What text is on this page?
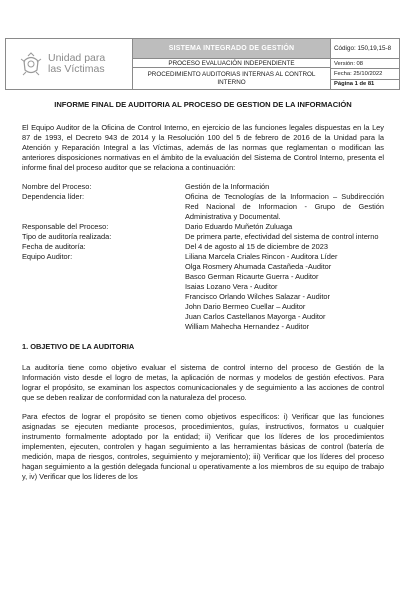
Unidad para
las Víctimas
SISTEMA INTEGRADO DE GESTIÓN
PROCESO EVALUACIÓN INDEPENDIENTE
PROCEDIMIENTO AUDITORIAS INTERNAS AL CONTROL INTERNO
Código: 150,19,15-8
Versión: 08
Fecha: 25/10/2022
Página 1 de 81
INFORME FINAL DE AUDITORIA AL PROCESO DE GESTION DE LA INFORMACIÓN
El Equipo Auditor de la Oficina de Control Interno, en ejercicio de las funciones legales dispuestas en la Ley 87 de 1993, el Decreto 943 de 2014 y la Resolución 100 del 5 de febrero de 2016 de la Unidad para la Atención y Reparación Integral a las Víctimas, además de las normas que reglamentan o modifican las anteriores disposiciones normativas en el ámbito de la evaluación del Sistema de Control Interno, presenta el informe final del proceso auditor que se relaciona a continuación:
Nombre del Proceso:	Gestión de la Información
Dependencia líder:	Oficina de Tecnologías de la Informacion – Subdirección Red Nacional de Informacion - Grupo de Gestión Administrativa y Documental.
Responsable del Proceso:	Dario Eduardo Muñetón Zuluaga
Tipo de auditoría realizada:	De primera parte, efectividad del sistema de control interno
Fecha de auditoría:	Del 4 de agosto al 15 de diciembre de 2023
Equipo Auditor:	Liliana Marcela Criales Rincon - Auditora Líder
Olga Rosmery Ahumada Castañeda -Auditor
Basco German Ricaurte Guerra - Auditor
Isaias Lozano Vera - Auditor
Francisco Orlando Wilches Salazar - Auditor
John Dario Bermeo Cuellar – Auditor
Juan Carlos Castellanos Mayorga - Auditor
William Mahecha Hernandez - Auditor
1. OBJETIVO DE LA AUDITORIA
La auditoría tiene como objetivo evaluar el sistema de control interno del proceso de Gestión de la Información visto desde el logro de metas, la aplicación de normas y modelos de gestión efectivos. Para lograr el propósito, se examinan los aspectos comunicacionales y de seguimiento a las acciones de control que se deben realizar de conformidad con la naturaleza del proceso.
Para efectos de lograr el propósito se tienen como objetivos específicos: i) Verificar que las funciones asignadas se ejecuten mediante procesos, procedimientos, guías, instructivos, formatos u cualquier instrumento formalmente adoptado por la entidad; ii) Verificar que los líderes de los procedimientos implementen, ejecuten, controlen y hagan seguimiento a las herramientas básicas de control (batería de medición, mapa de riesgos, controles, seguimiento y mejoramiento); iii) Verificar que los líderes del proceso hagan seguimiento a la gestión delegada funcional u operativamente a los miembros de su equipo de trabajo y, iv) Verificar que los líderes de los
